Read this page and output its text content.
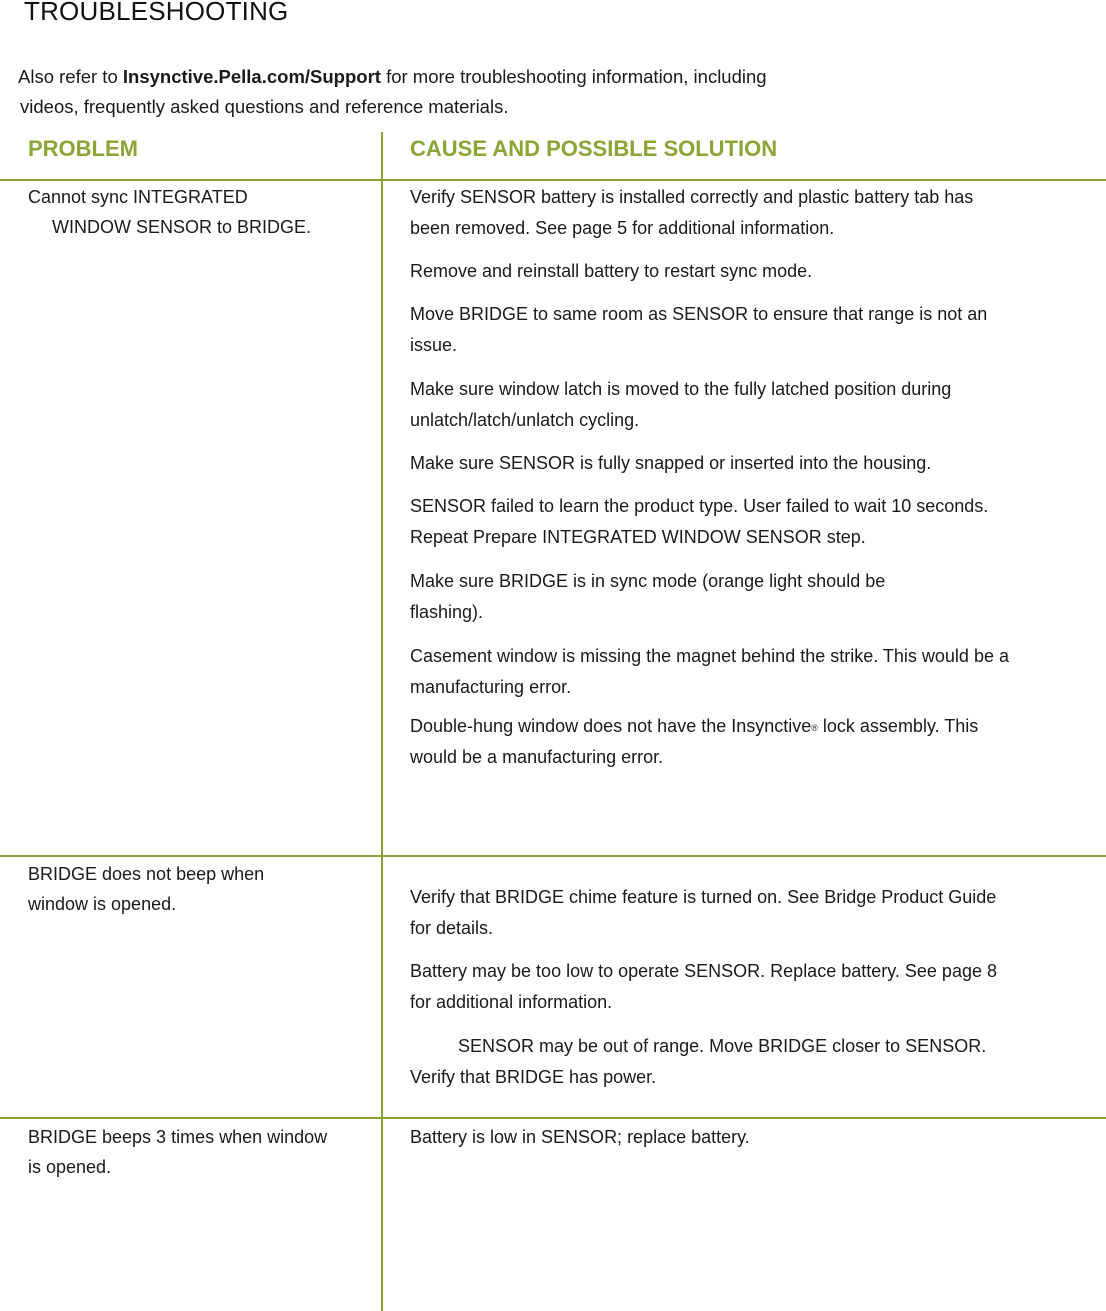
TROUBLESHOOTING
Also refer to Insynctive.Pella.com/Support for more troubleshooting information, including
videos, frequently asked questions and reference materials.
PROBLEM	CAUSE AND POSSIBLE SOLUTION
Cannot sync INTEGRATED
WINDOW SENSOR to BRIDGE.
Verify SENSOR battery is installed correctly and plastic battery tab has
been removed. See page 5 for additional information.
Remove and reinstall battery to restart sync mode.
Move BRIDGE to same room as SENSOR to ensure that range is not an
issue.
Make sure window latch is moved to the fully latched position during
unlatch/latch/unlatch cycling.
Make sure SENSOR is fully snapped or inserted into the housing.
SENSOR failed to learn the product type. User failed to wait 10 seconds.
Repeat Prepare INTEGRATED WINDOW SENSOR step.
Make sure BRIDGE is in sync mode (orange light should be
flashing).
Casement window is missing the magnet behind the strike. This would be a
manufacturing error.
Double-hung window does not have the Insynctive® lock assembly. This
would be a manufacturing error.
BRIDGE does not beep when
window is opened.	Verify that BRIDGE chime feature is turned on. See Bridge Product Guide
for details.
Battery may be too low to operate SENSOR. Replace battery. See page 8
for additional information.
SENSOR may be out of range. Move BRIDGE closer to SENSOR.
Verify that BRIDGE has power.
BRIDGE beeps 3 times when window
is opened.
Battery is low in SENSOR; replace battery.
